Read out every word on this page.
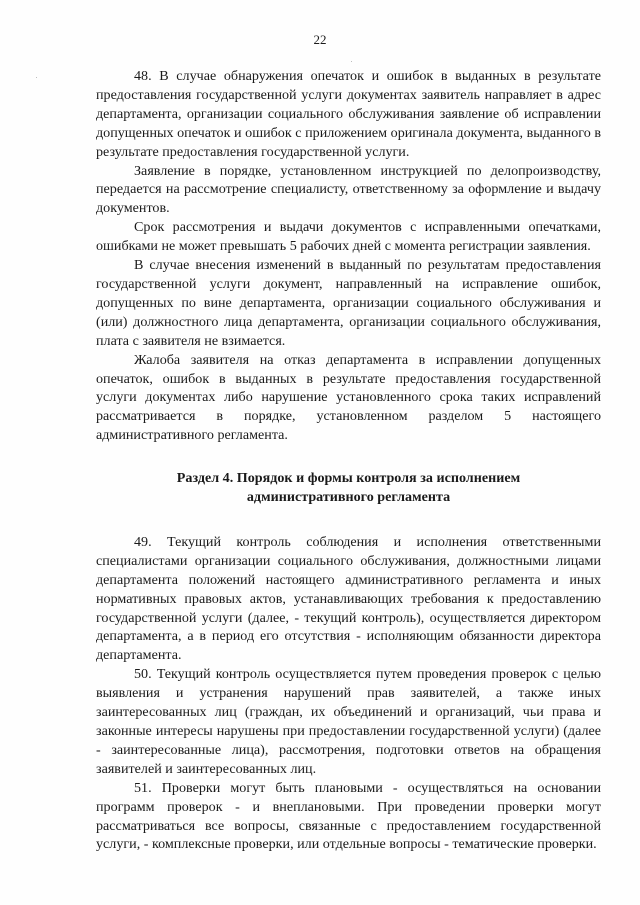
22

48. В случае обнаружения опечаток и ошибок в выданных в результате предоставления государственной услуги документах заявитель направляет в адрес департамента, организации социального обслуживания заявление об исправлении допущенных опечаток и ошибок с приложением оригинала документа, выданного в результате предоставления государственной услуги.

Заявление в порядке, установленном инструкцией по делопроизводству, передается на рассмотрение специалисту, ответственному за оформление и выдачу документов.

Срок рассмотрения и выдачи документов с исправленными опечатками, ошибками не может превышать 5 рабочих дней с момента регистрации заявления.

В случае внесения изменений в выданный по результатам предоставления государственной услуги документ, направленный на исправление ошибок, допущенных по вине департамента, организации социального обслуживания и (или) должностного лица департамента, организации социального обслуживания, плата с заявителя не взимается.

Жалоба заявителя на отказ департамента в исправлении допущенных опечаток, ошибок в выданных в результате предоставления государственной услуги документах либо нарушение установленного срока таких исправлений рассматривается в порядке, установленном разделом 5 настоящего административного регламента.

Раздел 4. Порядок и формы контроля за исполнением
административного регламента

49. Текущий контроль соблюдения и исполнения ответственными специалистами организации социального обслуживания, должностными лицами департамента положений настоящего административного регламента и иных нормативных правовых актов, устанавливающих требования к предоставлению государственной услуги (далее, - текущий контроль), осуществляется директором департамента, а в период его отсутствия - исполняющим обязанности директора департамента.

50. Текущий контроль осуществляется путем проведения проверок с целью выявления и устранения нарушений прав заявителей, а также иных заинтересованных лиц (граждан, их объединений и организаций, чьи права и законные интересы нарушены при предоставлении государственной услуги) (далее - заинтересованные лица), рассмотрения, подготовки ответов на обращения заявителей и заинтересованных лиц.

51. Проверки могут быть плановыми - осуществляться на основании программ проверок - и внеплановыми. При проведении проверки могут рассматриваться все вопросы, связанные с предоставлением государственной услуги, - комплексные проверки, или отдельные вопросы - тематические проверки.
